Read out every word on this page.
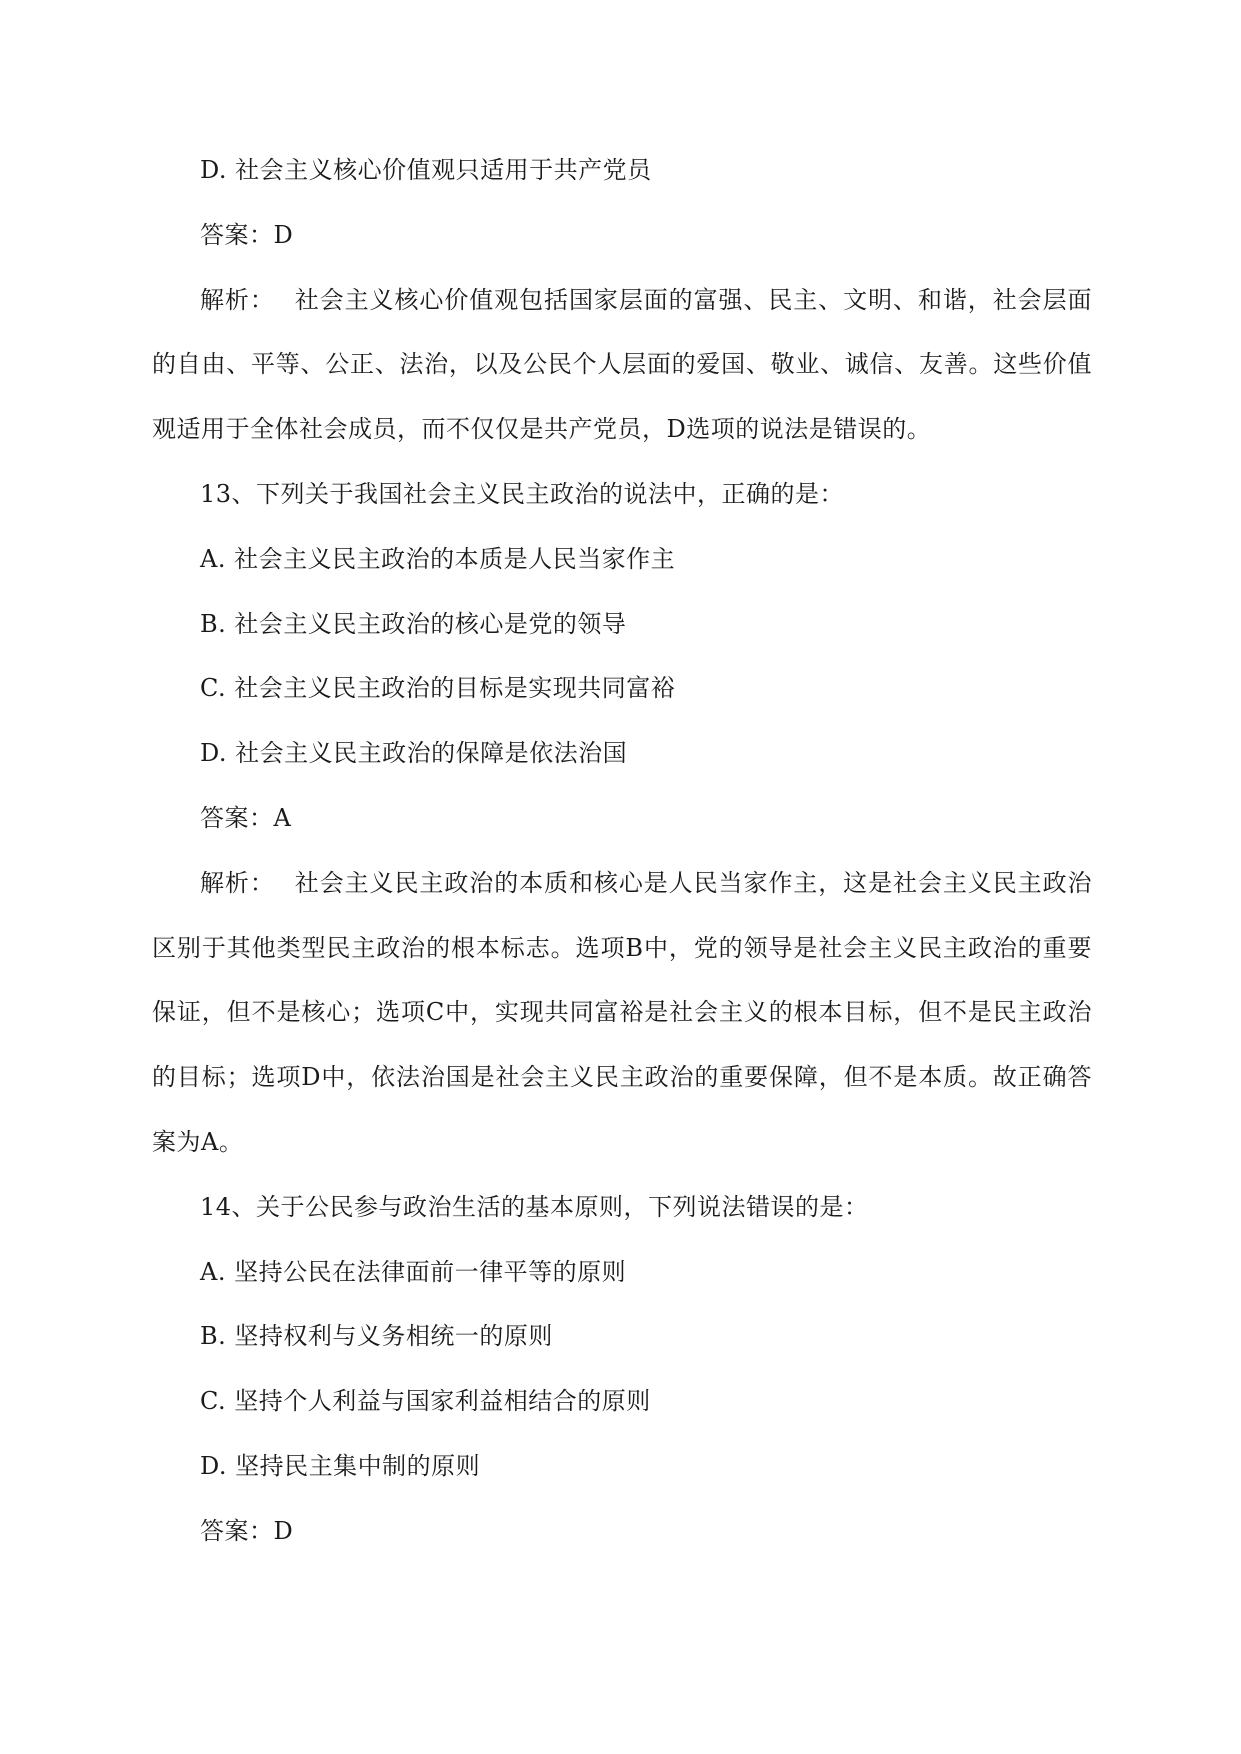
D. 社会主义核心价值观只适用于共产党员
答案：D

解析： 社会主义核心价值观包括国家层面的富强、民主、文明、和谐，社会层面的自由、平等、公正、法治，以及公民个人层面的爱国、敬业、诚信、友善。这些价值观适用于全体社会成员，而不仅仅是共产党员，D选项的说法是错误的。

13、下列关于我国社会主义民主政治的说法中，正确的是：
A. 社会主义民主政治的本质是人民当家作主
B. 社会主义民主政治的核心是党的领导
C. 社会主义民主政治的目标是实现共同富裕
D. 社会主义民主政治的保障是依法治国
答案：A

解析： 社会主义民主政治的本质和核心是人民当家作主，这是社会主义民主政治区别于其他类型民主政治的根本标志。选项B中，党的领导是社会主义民主政治的重要保证，但不是核心；选项C中，实现共同富裕是社会主义的根本目标，但不是民主政治的目标；选项D中，依法治国是社会主义民主政治的重要保障，但不是本质。故正确答案为A。

14、关于公民参与政治生活的基本原则，下列说法错误的是：
A. 坚持公民在法律面前一律平等的原则
B. 坚持权利与义务相统一的原则
C. 坚持个人利益与国家利益相结合的原则
D. 坚持民主集中制的原则
答案：D
